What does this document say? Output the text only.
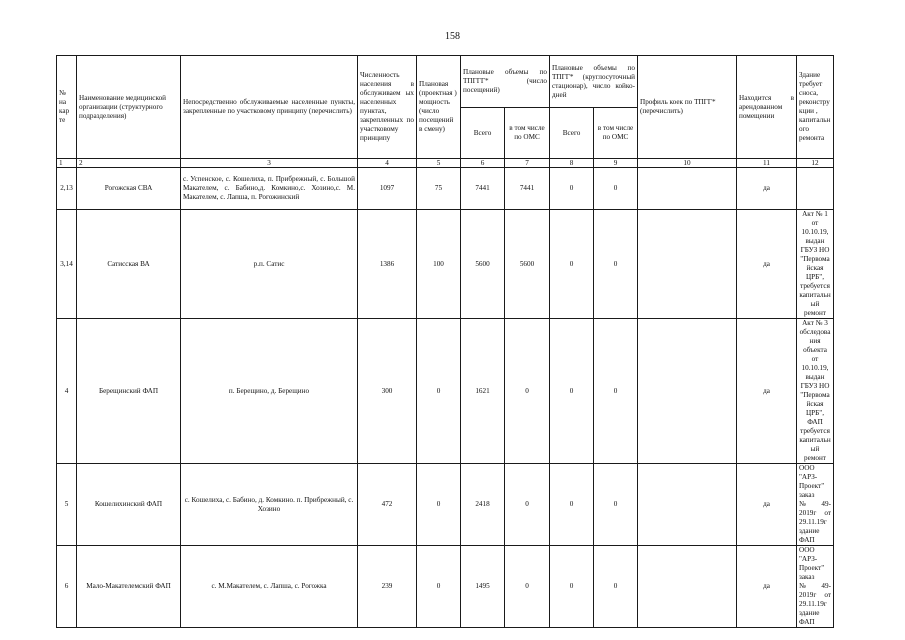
158
№ на кар те	Наименование медицинской организации (структурного подразделения)	Непосредственно обслуживаемые населенные пункты, закрепленные по участковому принципу (перечислить)	Численность населения в обслуживаем ых населенных пунктах, закрепленных по участковому принципу	Плановая (проектная ) мощность (число посещений в смену)	Плановые объемы по ТПГГГ* (число посещений)		Плановые объемы по ТПГГ* (круглосуточный стационар), число койко-дней		Профиль коек по ТПГГ* (перечислить)	Находится в арендованном помещении	Здание требует сноса, реконструкции , капитального ремонта
					Всего	в том числе по ОМС	Всего	в том числе по ОМС			
1	2	3	4	5	6	7	8	9	10	11	12
2,13	Рогожская СВА	с. Успенское, с. Кошелиха, п. Прибрежный, с. Большой Макателем, с. Бабино,д. Комкино,с. Хозино,с. М. Макателем, с. Лапша, п. Рогожинский	1097	75	7441	7441	0	0		да	
3,14	Сатисская ВА	р.п. Сатис	1386	100	5600	5600	0	0		да	Акт № 1 от 10.10.19, выдан ГБУЗ НО "Первомайская ЦРБ", требуется капитальный ремонт
4	Берещинский ФАП	п. Берещино, д. Берещино	300	0	1621	0	0	0		да	Акт № 3 обследования объекта от 10.10.19, выдан ГБУЗ НО "Первомайская ЦРБ", ФАП требуется капитальный ремонт
5	Кошелихинский ФАП	с. Кошелиха, с. Бабино, д. Комкино. п. Прибрежный, с. Хозино	472	0	2418	0	0	0		да	ООО "АРЗ-Проект" заказ №49-2019г от 29.11.19г здание ФАП
6	Мало-Макателемский ФАП	с. М.Макателем, с. Лапша, с. Рогожка	239	0	1495	0	0	0		да	ООО "АРЗ-Проект" заказ №49-2019г от 29.11.19г здание ФАП
